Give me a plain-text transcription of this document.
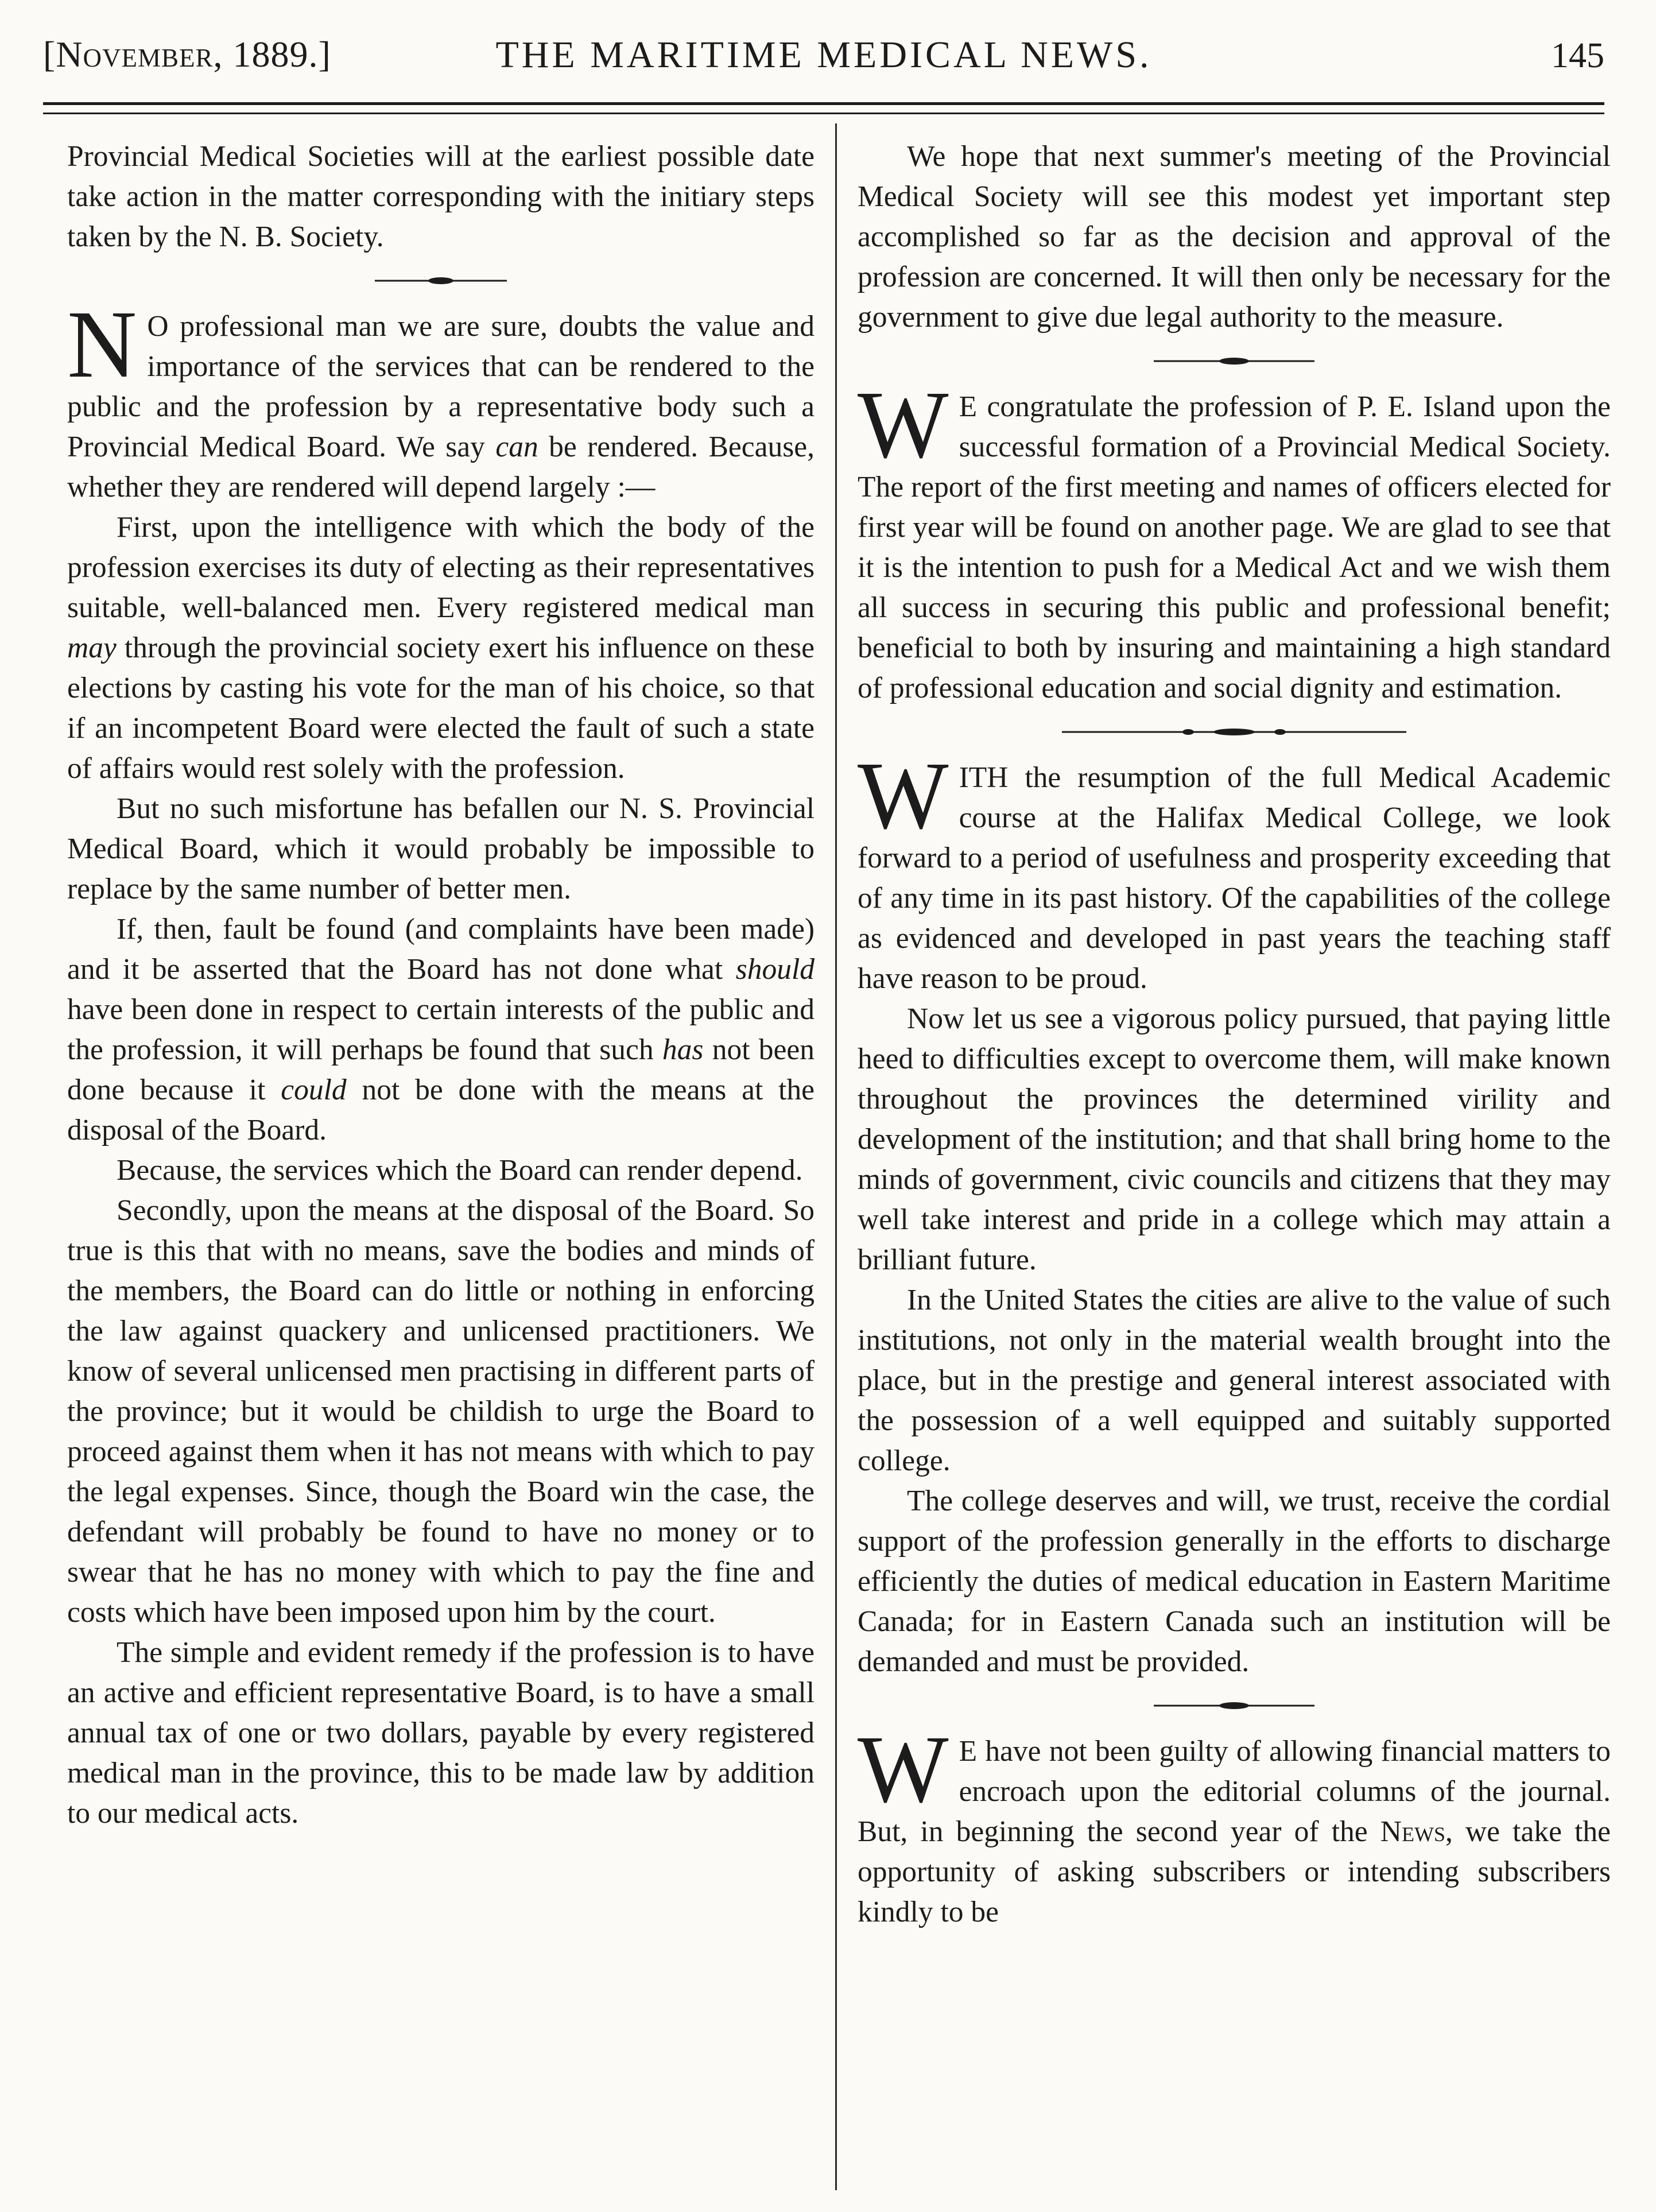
[November, 1889.]	THE MARITIME MEDICAL NEWS.	145

Provincial Medical Societies will at the earliest possible date take action in the matter corresponding with the initiary steps taken by the N. B. Society.

N O professional man we are sure, doubts the value and importance of the services that can be rendered to the public and the profession by a representative body such a Provincial Medical Board. We say can be rendered. Because, whether they are rendered will depend largely :—

First, upon the intelligence with which the body of the profession exercises its duty of electing as their representatives suitable, well-balanced men. Every registered medical man may through the provincial society exert his influence on these elections by casting his vote for the man of his choice, so that if an incompetent Board were elected the fault of such a state of affairs would rest solely with the profession.

But no such misfortune has befallen our N. S. Provincial Medical Board, which it would probably be impossible to replace by the same number of better men.

If, then, fault be found (and complaints have been made) and it be asserted that the Board has not done what should have been done in respect to certain interests of the public and the profession, it will perhaps be found that such has not been done because it could not be done with the means at the disposal of the Board.

Because, the services which the Board can render depend.

Secondly, upon the means at the disposal of the Board. So true is this that with no means, save the bodies and minds of the members, the Board can do little or nothing in enforcing the law against quackery and unlicensed practitioners. We know of several unlicensed men practising in different parts of the province; but it would be childish to urge the Board to proceed against them when it has not means with which to pay the legal expenses. Since, though the Board win the case, the defendant will probably be found to have no money or to swear that he has no money with which to pay the fine and costs which have been imposed upon him by the court.

The simple and evident remedy if the profession is to have an active and efficient representative Board, is to have a small annual tax of one or two dollars, payable by every registered medical man in the province, this to be made law by addition to our medical acts.

We hope that next summer's meeting of the Provincial Medical Society will see this modest yet important step accomplished so far as the decision and approval of the profession are concerned. It will then only be necessary for the government to give due legal authority to the measure.

W E congratulate the profession of P. E. Island upon the successful formation of a Provincial Medical Society. The report of the first meeting and names of officers elected for first year will be found on another page. We are glad to see that it is the intention to push for a Medical Act and we wish them all success in securing this public and professional benefit; beneficial to both by insuring and maintaining a high standard of professional education and social dignity and estimation.

W ITH the resumption of the full Medical Academic course at the Halifax Medical College, we look forward to a period of usefulness and prosperity exceeding that of any time in its past history. Of the capabilities of the college as evidenced and developed in past years the teaching staff have reason to be proud.

Now let us see a vigorous policy pursued, that paying little heed to difficulties except to overcome them, will make known throughout the provinces the determined virility and development of the institution; and that shall bring home to the minds of government, civic councils and citizens that they may well take interest and pride in a college which may attain a brilliant future.

In the United States the cities are alive to the value of such institutions, not only in the material wealth brought into the place, but in the prestige and general interest associated with the possession of a well equipped and suitably supported college.

The college deserves and will, we trust, receive the cordial support of the profession generally in the efforts to discharge efficiently the duties of medical education in Eastern Maritime Canada; for in Eastern Canada such an institution will be demanded and must be provided.

W E have not been guilty of allowing financial matters to encroach upon the editorial columns of the journal. But, in beginning the second year of the News, we take the opportunity of asking subscribers or intending subscribers kindly to be
